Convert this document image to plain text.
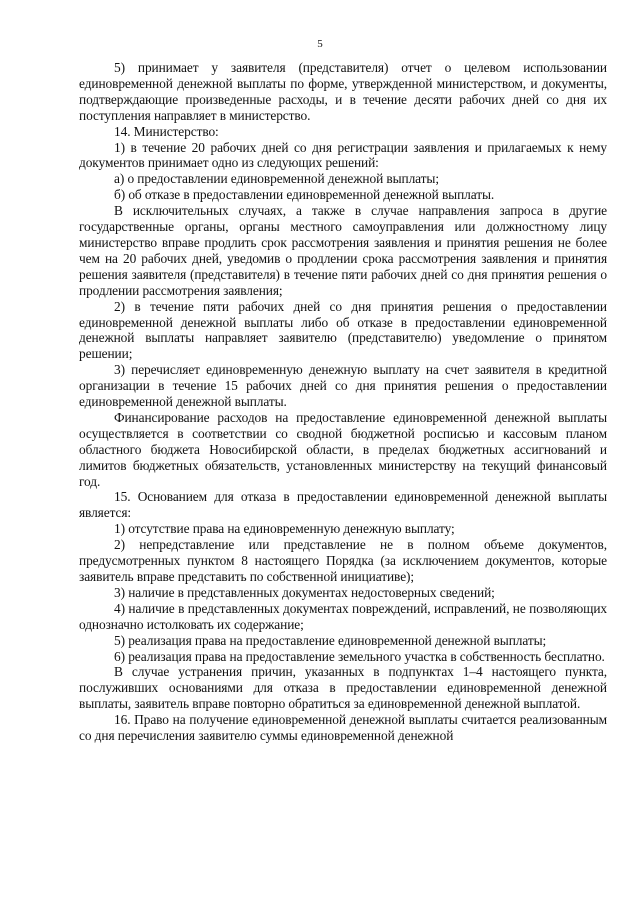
5

5) принимает у заявителя (представителя) отчет о целевом использовании единовременной денежной выплаты по форме, утвержденной министерством, и документы, подтверждающие произведенные расходы, и в течение десяти рабочих дней со дня их поступления направляет в министерство.

14. Министерство:

1) в течение 20 рабочих дней со дня регистрации заявления и прилагаемых к нему документов принимает одно из следующих решений:

а) о предоставлении единовременной денежной выплаты;

б) об отказе в предоставлении единовременной денежной выплаты.

В исключительных случаях, а также в случае направления запроса в другие государственные органы, органы местного самоуправления или должностному лицу министерство вправе продлить срок рассмотрения заявления и принятия решения не более чем на 20 рабочих дней, уведомив о продлении срока рассмотрения заявления и принятия решения заявителя (представителя) в течение пяти рабочих дней со дня принятия решения о продлении рассмотрения заявления;

2) в течение пяти рабочих дней со дня принятия решения о предоставлении единовременной денежной выплаты либо об отказе в предоставлении единовременной денежной выплаты направляет заявителю (представителю) уведомление о принятом решении;

3) перечисляет единовременную денежную выплату на счет заявителя в кредитной организации в течение 15 рабочих дней со дня принятия решения о предоставлении единовременной денежной выплаты.

Финансирование расходов на предоставление единовременной денежной выплаты осуществляется в соответствии со сводной бюджетной росписью и кассовым планом областного бюджета Новосибирской области, в пределах бюджетных ассигнований и лимитов бюджетных обязательств, установленных министерству на текущий финансовый год.

15. Основанием для отказа в предоставлении единовременной денежной выплаты является:

1) отсутствие права на единовременную денежную выплату;

2) непредставление или представление не в полном объеме документов, предусмотренных пунктом 8 настоящего Порядка (за исключением документов, которые заявитель вправе представить по собственной инициативе);

3) наличие в представленных документах недостоверных сведений;

4) наличие в представленных документах повреждений, исправлений, не позволяющих однозначно истолковать их содержание;

5) реализация права на предоставление единовременной денежной выплаты;

6) реализация права на предоставление земельного участка в собственность бесплатно.

В случае устранения причин, указанных в подпунктах 1–4 настоящего пункта, послуживших основаниями для отказа в предоставлении единовременной денежной выплаты, заявитель вправе повторно обратиться за единовременной денежной выплатой.

16. Право на получение единовременной денежной выплаты считается реализованным со дня перечисления заявителю суммы единовременной денежной
